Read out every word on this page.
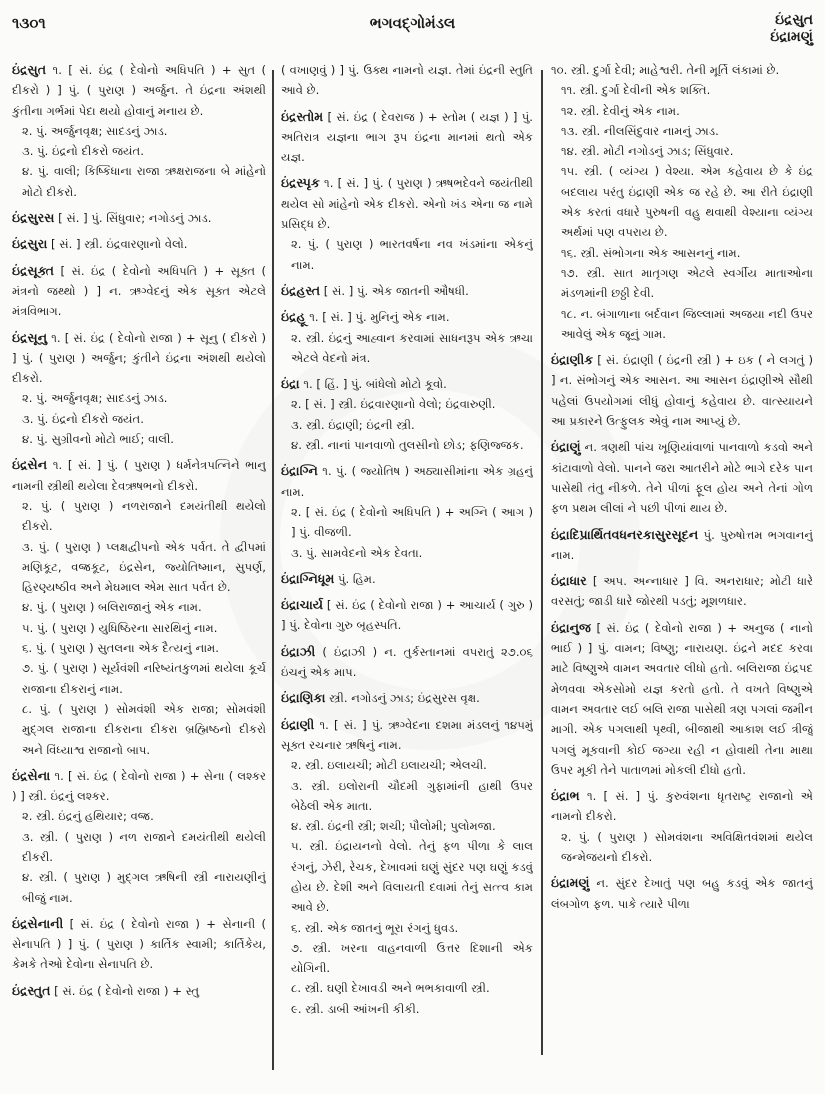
૧૩૦૧	ભગવદ્ગોમંડલ	ઇંદ્રસુત
ઇંદ્રામણું
ઇંદ્રસુત ૧. [ સં. ઇંદ્ર ( દેવોનો અધિપતિ ) + સુત ( દીકરો ) ] પું. ( પુરાણ ) અર્જુન. તે ઇંદ્રના અંશથી કુંતીના ગર્ભમાં પેદા થયો હોવાનું મનાય છે.
૨. પું. અર્જુનવૃક્ષ; સાદડનું ઝાડ.
૩. પું. ઇંદ્રનો દીકરો જયંત.
૪. પું. વાલી; કિષ્કિંધાના રાજા ઋક્ષરાજના બે માંહેનો મોટો દીકરો.
ઇંદ્રસુરસ [ સં. ] પું. સિંધુવાર; નગોડનું ઝાડ.
ઇંદ્રસુરા [ સં. ] સ્ત્રી. ઇંદ્રવારણાનો વેલો.
ઇંદ્રસૂક્ત [ સં. ઇંદ્ર ( દેવોનો અધિપતિ ) + સૂક્ત ( મંત્રનો જથ્થો ) ] ન. ઋગ્વેદનું એક સૂક્ત એટલે મંત્રવિભાગ.
ઇંદ્રસૂનુ ૧. [ સં. ઇંદ્ર ( દેવોનો રાજા ) + સૂનુ ( દીકરો ) ] પું. ( પુરાણ ) અર્જુન; કુંતીને ઇંદ્રના અંશથી થયેલો દીકરો.
૨. પું. અર્જુનવૃક્ષ; સાદડનું ઝાડ.
૩. પું. ઇંદ્રનો દીકરો જયંત.
૪. પું. સુગ્રીવનો મોટો ભાઈ; વાલી.
ઇંદ્રસેન ૧. [ સં. ] પું. ( પુરાણ ) ધર્મનેત્રપત્નિને ભાનુ નામની સ્ત્રીથી થયેલા દેવઋષભનો દીકરો.
૨. પું. ( પુરાણ ) નળરાજાને દમયંતીથી થયેલો દીકરો.
૩. પું. ( પુરાણ ) પ્લક્ષદ્વીપનો એક પર્વત. તે દ્વીપમાં મણિકૂટ, વજ્રકૂટ, ઇંદ્રસેન, જ્યોતિષ્માન, સુપર્ણ, હિરણ્યષ્ઠીવ અને મેઘમાલ એમ સાત પર્વત છે.
૪. પું. ( પુરાણ ) બલિરાજાનું એક નામ.
૫. પું. ( પુરાણ ) યુધિષ્ઠિરના સારથિનું નામ.
૬. પું. ( પુરાણ ) સુતલના એક દૈત્યનું નામ.
૭. પું. ( પુરાણ ) સૂર્યવંશી નરિષ્યંતકુળમાં થયેલા કૂર્ચ રાજાના દીકરાનું નામ.
૮. પું. ( પુરાણ ) સોમવંશી એક રાજા; સોમવંશી મુદ્ગલ રાજાના દીકરાના દીકરા બ્રહ્મિષ્ઠનો દીકરો અને વિંધ્યાશ્વ રાજાનો બાપ.
ઇંદ્રસેના ૧. [ સં. ઇંદ્ર ( દેવોનો રાજા ) + સેના ( લશ્કર ) ] સ્ત્રી. ઇંદ્રનું લશ્કર.
૨. સ્ત્રી. ઇંદ્રનું હથિયાર; વજ્ર.
૩. સ્ત્રી. ( પુરાણ ) નળ રાજાને દમયંતીથી થયેલી દીકરી.
૪. સ્ત્રી. ( પુરાણ ) મુદ્ગલ ઋષિની સ્ત્રી નારાયણીનું બીજું નામ.
ઇંદ્રસેનાની [ સં. ઇંદ્ર ( દેવોનો રાજા ) + સેનાની ( સેનાપતિ ) ] પું. ( પુરાણ ) કાર્તિક સ્વામી; કાર્તિકેય, કેમકે તેઓ દેવોના સેનાપતિ છે.
ઇંદ્રસ્તુત [ સં. ઇંદ્ર ( દેવોનો રાજા ) + સ્તુ
( વખાણવું ) ] પું. ઉક્થ નામનો યજ્ઞ. તેમાં ઇંદ્રની સ્તુતિ આવે છે.
ઇંદ્રસ્તોમ [ સં. ઇંદ્ર ( દેવરાજ ) + સ્તોમ ( યજ્ઞ ) ] પું. અતિરાત્ર યજ્ઞના ભાગ રૂપ ઇંદ્રના માનમાં થતો એક યજ્ઞ.
ઇંદ્રસ્પૃક ૧. [ સં. ] પું. ( પુરાણ ) ઋષભદેવને જયંતીથી થયેલ સો માંહેનો એક દીકરો. એનો ખંડ એના જ નામે પ્રસિદ્ધ છે.
૨. પું. ( પુરાણ ) ભારતવર્ષના નવ ખંડમાંના એકનું નામ.
ઇંદ્રહસ્ત [ સં. ] પું. એક જાતની ઔષધી.
ઇંદ્રહૂ ૧. [ સં. ] પું. મુનિનું એક નામ.
૨. સ્ત્રી. ઇંદ્રનું આહ્વાન કરવામાં સાધનરૂપ એક ઋચા એટલે વેદનો મંત્ર.
ઇંદ્રા ૧. [ હિં. ] પું. બાંધેલો મોટો કૂવો.
૨. [ સં. ] સ્ત્રી. ઇંદ્રવારણાનો વેલો; ઇંદ્રવારુણી.
૩. સ્ત્રી. ઇંદ્રાણી; ઇંદ્રની સ્ત્રી.
૪. સ્ત્રી. નાનાં પાનવાળો તુલસીનો છોડ; ફણિજ્જક.
ઇંદ્રાગ્નિ ૧. પું. ( જ્યોતિષ ) અઠ્યાસીમાંના એક ગ્રહનું નામ.
૨. [ સં. ઇંદ્ર ( દેવોનો અધિપતિ ) + અગ્નિ ( આગ ) ] પું. વીજળી.
૩. પું. સામવેદનો એક દેવતા.
ઇંદ્રાગ્નિધૂમ પું. હિમ.
ઇંદ્રાચાર્ય [ સં. ઇંદ્ર ( દેવોનો રાજા ) + આચાર્ય ( ગુરુ ) ] પું. દેવોના ગુરુ બૃહસ્પતિ.
ઇંદ્રાઝી ( ઇંદ્રાઝી ) ન. તુર્કસ્તાનમાં વપરાતું ૨૭.૦૬ ઇંચનું એક માપ.
ઇંદ્રાણિકા સ્ત્રી. નગોડનું ઝાડ; ઇંદ્રસુરસ વૃક્ષ.
ઇંદ્રાણી ૧. [ સં. ] પું. ઋગ્વેદના દશમા મંડલનું ૧૪૫મું સૂક્ત રચનાર ઋષિનું નામ.
૨. સ્ત્રી. ઇલાયચી; મોટી ઇલાયચી; એલચી.
૩. સ્ત્રી. ઇલોરાની ચૌદમી ગુફામાંની હાથી ઉપર બેઠેલી એક માતા.
૪. સ્ત્રી. ઇંદ્રની સ્ત્રી; શચી; પૌલોમી; પુલોમજા.
૫. સ્ત્રી. ઇંદ્રાયનનો વેલો. તેનું ફળ પીળા કે લાલ રંગનું, ઝેરી, રેચક, દેખાવમાં ઘણું સુંદર પણ ઘણું કડવું હોય છે. દેશી અને વિલાયતી દવામાં તેનું સત્ત્વ કામ આવે છે.
૬. સ્ત્રી. એક જાતનું ભૂરા રંગનું ધુવડ.
૭. સ્ત્રી. ખરના વાહનવાળી ઉત્તર દિશાની એક યોગિની.
૮. સ્ત્રી. ઘણી દેખાવડી અને ભભકાવાળી સ્ત્રી.
૯. સ્ત્રી. ડાબી આંખની કીકી.
૧૦. સ્ત્રી. દુર્ગા દેવી; માહેશ્વરી. તેની મૂર્તિ લંકામાં છે.
૧૧. સ્ત્રી. દુર્ગા દેવીની એક શક્તિ.
૧૨. સ્ત્રી. દેવીનું એક નામ.
૧૩. સ્ત્રી. નીલસિંદુવાર નામનું ઝાડ.
૧૪. સ્ત્રી. મોટી નગોડનું ઝાડ; સિંધુવાર.
૧૫. સ્ત્રી. ( વ્યંગ્ય ) વેશ્યા. એમ કહેવાય છે કે ઇંદ્ર બદલાય પરંતુ ઇંદ્રાણી એક જ રહે છે. આ રીતે ઇંદ્રાણી એક કરતાં વધારે પુરુષની વહુ થવાથી વેશ્યાના વ્યંગ્ય અર્થમાં પણ વપરાય છે.
૧૬. સ્ત્રી. સંભોગના એક આસનનું નામ.
૧૭. સ્ત્રી. સાત માતૃગણ એટલે સ્વર્ગીય માતાઓના મંડળમાંની છઠ્ઠી દેવી.
૧૮. ન. બંગાળાના બર્દવાન જિલ્લામાં અજયા નદી ઉપર આવેલું એક જૂનું ગામ.
ઇંદ્રાણીક [ સં. ઇંદ્રાણી ( ઇંદ્રની સ્ત્રી ) + ઇક ( ને લગતું ) ] ન. સંભોગનું એક આસન. આ આસન ઇંદ્રાણીએ સૌથી પહેલાં ઉપયોગમાં લીધું હોવાનું કહેવાય છે. વાત્સ્યાયને આ પ્રકારને ઉત્ફુલક એવું નામ આપ્યું છે.
ઇંદ્રાણું ન. ત્રણથી પાંચ ખૂણિયાંવાળાં પાનવાળો કડવો અને કાંટાવાળો વેલો. પાનને જરા આતરીને મોટે ભાગે દરેક પાન પાસેથી તંતુ નીકળે. તેને પીળાં ફૂલ હોય અને તેનાં ગોળ ફળ પ્રથમ લીલાં ને પછી પીળાં થાય છે.
ઇંદ્રાદિપ્રાર્થિતવધનરકાસુરસૂદન પું. પુરુષોત્તમ ભગવાનનું નામ.
ઇંદ્રાધાર [ અપ. અન્નાધાર ] વિ. અનરાધાર; મોટી ધારે વરસતું; જાડી ધારે જોરથી પડતું; મૂશળધાર.
ઇંદ્રાનુજ [ સં. ઇંદ્ર ( દેવોનો રાજા ) + અનુજ ( નાનો ભાઈ ) ] પું. વામન; વિષ્ણુ; નારાયણ. ઇંદ્રને મદદ કરવા માટે વિષ્ણુએ વામન અવતાર લીધો હતો. બલિરાજા ઇંદ્રપદ મેળવવા એકસોમો યજ્ઞ કરતો હતો. તે વખતે વિષ્ણુએ વામન અવતાર લઈ બલિ રાજા પાસેથી ત્રણ પગલાં જમીન માગી. એક પગલાથી પૃથ્વી, બીજાથી આકાશ લઈ ત્રીજું પગલું મૂકવાની કોઈ જગ્યા રહી ન હોવાથી તેના માથા ઉપર મૂકી તેને પાતાળમાં મોકલી દીધો હતો.
ઇંદ્રાભ ૧. [ સં. ] પું. કુરુવંશના ધૃતરાષ્ટ્ર રાજાનો એ નામનો દીકરો.
૨. પું. ( પુરાણ ) સોમવંશના અવિક્ષિતવંશમાં થયેલ જન્મેજયનો દીકરો.
ઇંદ્રામણું ન. સુંદર દેખાતું પણ બહુ કડવું એક જાતનું લંબગોળ ફળ. પાકે ત્યારે પીળા
